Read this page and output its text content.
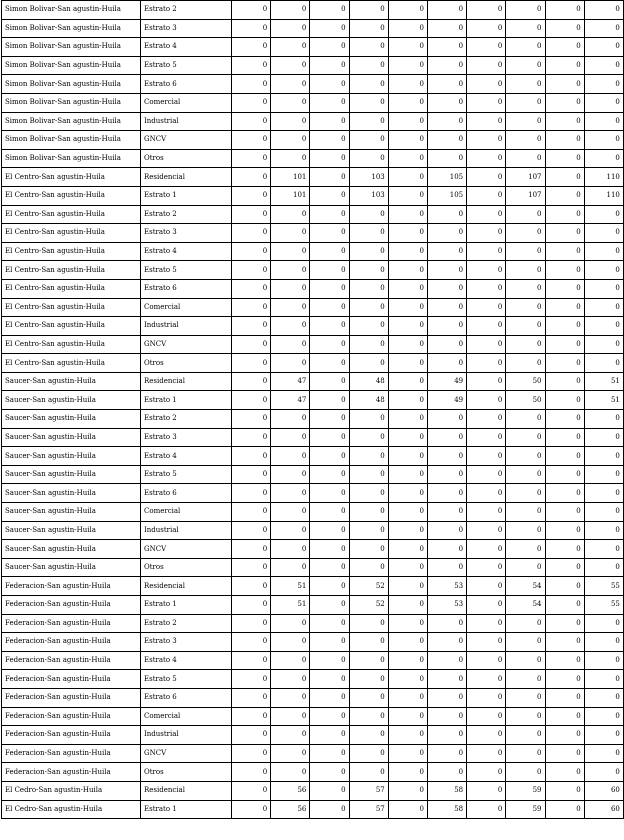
Simon Bolivar-San agustin-Huila	Estrato 2	0	0	0	0	0	0	0	0	0	0
Simon Bolivar-San agustin-Huila	Estrato 3	0	0	0	0	0	0	0	0	0	0
Simon Bolivar-San agustin-Huila	Estrato 4	0	0	0	0	0	0	0	0	0	0
Simon Bolivar-San agustin-Huila	Estrato 5	0	0	0	0	0	0	0	0	0	0
Simon Bolivar-San agustin-Huila	Estrato 6	0	0	0	0	0	0	0	0	0	0
Simon Bolivar-San agustin-Huila	Comercial	0	0	0	0	0	0	0	0	0	0
Simon Bolivar-San agustin-Huila	Industrial	0	0	0	0	0	0	0	0	0	0
Simon Bolivar-San agustin-Huila	GNCV	0	0	0	0	0	0	0	0	0	0
Simon Bolivar-San agustin-Huila	Otros	0	0	0	0	0	0	0	0	0	0
El Centro-San agustin-Huila	Residencial	0	101	0	103	0	105	0	107	0	110
El Centro-San agustin-Huila	Estrato 1	0	101	0	103	0	105	0	107	0	110
El Centro-San agustin-Huila	Estrato 2	0	0	0	0	0	0	0	0	0	0
El Centro-San agustin-Huila	Estrato 3	0	0	0	0	0	0	0	0	0	0
El Centro-San agustin-Huila	Estrato 4	0	0	0	0	0	0	0	0	0	0
El Centro-San agustin-Huila	Estrato 5	0	0	0	0	0	0	0	0	0	0
El Centro-San agustin-Huila	Estrato 6	0	0	0	0	0	0	0	0	0	0
El Centro-San agustin-Huila	Comercial	0	0	0	0	0	0	0	0	0	0
El Centro-San agustin-Huila	Industrial	0	0	0	0	0	0	0	0	0	0
El Centro-San agustin-Huila	GNCV	0	0	0	0	0	0	0	0	0	0
El Centro-San agustin-Huila	Otros	0	0	0	0	0	0	0	0	0	0
Saucer-San agustin-Huila	Residencial	0	47	0	48	0	49	0	50	0	51
Saucer-San agustin-Huila	Estrato 1	0	47	0	48	0	49	0	50	0	51
Saucer-San agustin-Huila	Estrato 2	0	0	0	0	0	0	0	0	0	0
Saucer-San agustin-Huila	Estrato 3	0	0	0	0	0	0	0	0	0	0
Saucer-San agustin-Huila	Estrato 4	0	0	0	0	0	0	0	0	0	0
Saucer-San agustin-Huila	Estrato 5	0	0	0	0	0	0	0	0	0	0
Saucer-San agustin-Huila	Estrato 6	0	0	0	0	0	0	0	0	0	0
Saucer-San agustin-Huila	Comercial	0	0	0	0	0	0	0	0	0	0
Saucer-San agustin-Huila	Industrial	0	0	0	0	0	0	0	0	0	0
Saucer-San agustin-Huila	GNCV	0	0	0	0	0	0	0	0	0	0
Saucer-San agustin-Huila	Otros	0	0	0	0	0	0	0	0	0	0
Federacion-San agustin-Huila	Residencial	0	51	0	52	0	53	0	54	0	55
Federacion-San agustin-Huila	Estrato 1	0	51	0	52	0	53	0	54	0	55
Federacion-San agustin-Huila	Estrato 2	0	0	0	0	0	0	0	0	0	0
Federacion-San agustin-Huila	Estrato 3	0	0	0	0	0	0	0	0	0	0
Federacion-San agustin-Huila	Estrato 4	0	0	0	0	0	0	0	0	0	0
Federacion-San agustin-Huila	Estrato 5	0	0	0	0	0	0	0	0	0	0
Federacion-San agustin-Huila	Estrato 6	0	0	0	0	0	0	0	0	0	0
Federacion-San agustin-Huila	Comercial	0	0	0	0	0	0	0	0	0	0
Federacion-San agustin-Huila	Industrial	0	0	0	0	0	0	0	0	0	0
Federacion-San agustin-Huila	GNCV	0	0	0	0	0	0	0	0	0	0
Federacion-San agustin-Huila	Otros	0	0	0	0	0	0	0	0	0	0
El Cedro-San agustin-Huila	Residencial	0	56	0	57	0	58	0	59	0	60
El Cedro-San agustin-Huila	Estrato 1	0	56	0	57	0	58	0	59	0	60
